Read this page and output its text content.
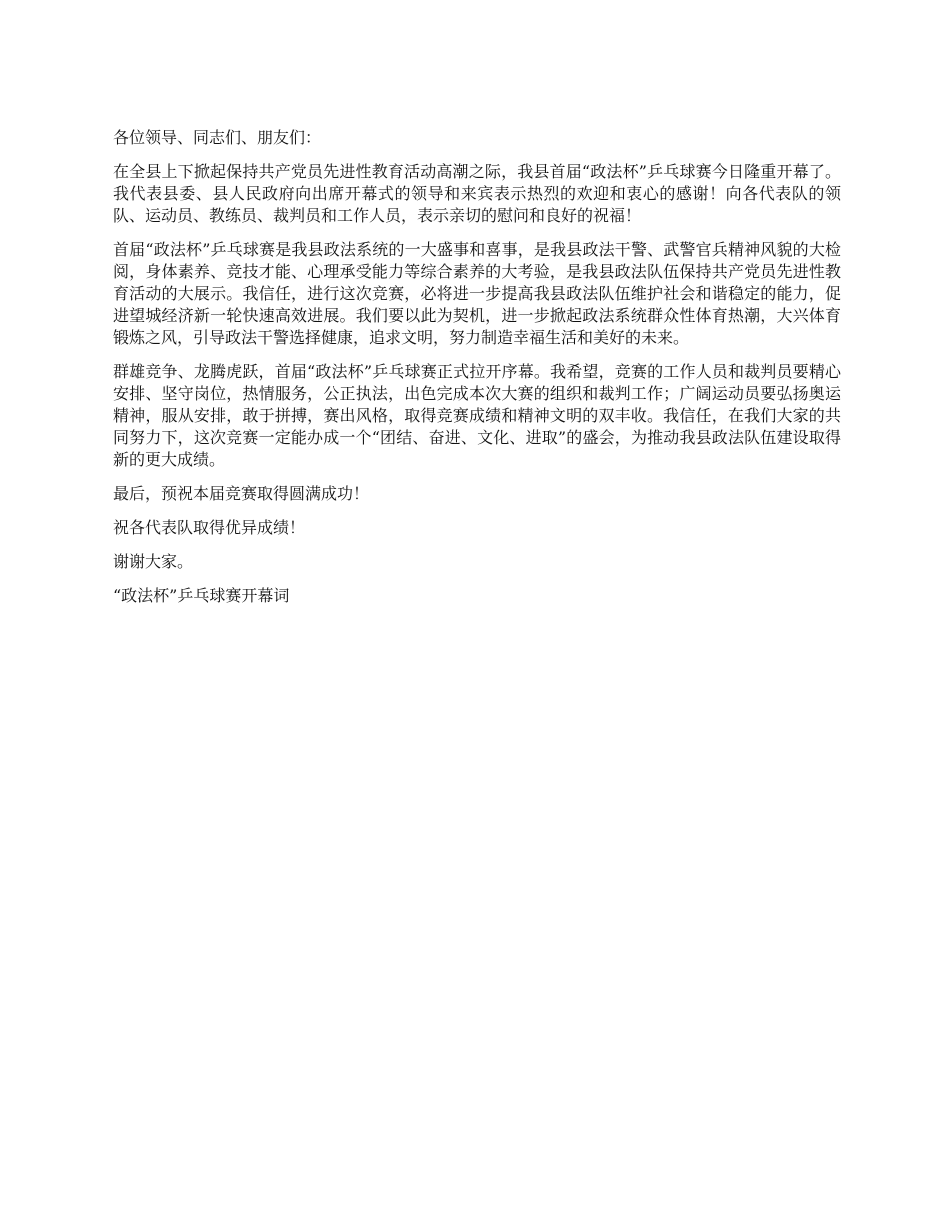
各位领导、同志们、朋友们：

在全县上下掀起保持共产党员先进性教育活动高潮之际，我县首届“政法杯”乒乓球赛今日隆重开幕了。我代表县委、县人民政府向出席开幕式的领导和来宾表示热烈的欢迎和衷心的感谢！向各代表队的领队、运动员、教练员、裁判员和工作人员，表示亲切的慰问和良好的祝福！

首届“政法杯”乒乓球赛是我县政法系统的一大盛事和喜事，是我县政法干警、武警官兵精神风貌的大检阅，身体素养、竞技才能、心理承受能力等综合素养的大考验，是我县政法队伍保持共产党员先进性教育活动的大展示。我信任，进行这次竞赛，必将进一步提高我县政法队伍维护社会和谐稳定的能力，促进望城经济新一轮快速高效进展。我们要以此为契机，进一步掀起政法系统群众性体育热潮，大兴体育锻炼之风，引导政法干警选择健康，追求文明，努力制造幸福生活和美好的未来。

群雄竞争、龙腾虎跃，首届“政法杯”乒乓球赛正式拉开序幕。我希望，竞赛的工作人员和裁判员要精心安排、坚守岗位，热情服务，公正执法，出色完成本次大赛的组织和裁判工作；广阔运动员要弘扬奥运精神，服从安排，敢于拼搏，赛出风格，取得竞赛成绩和精神文明的双丰收。我信任，在我们大家的共同努力下，这次竞赛一定能办成一个“团结、奋进、文化、进取”的盛会，为推动我县政法队伍建设取得新的更大成绩。

最后，预祝本届竞赛取得圆满成功！

祝各代表队取得优异成绩！

谢谢大家。

“政法杯”乒乓球赛开幕词
